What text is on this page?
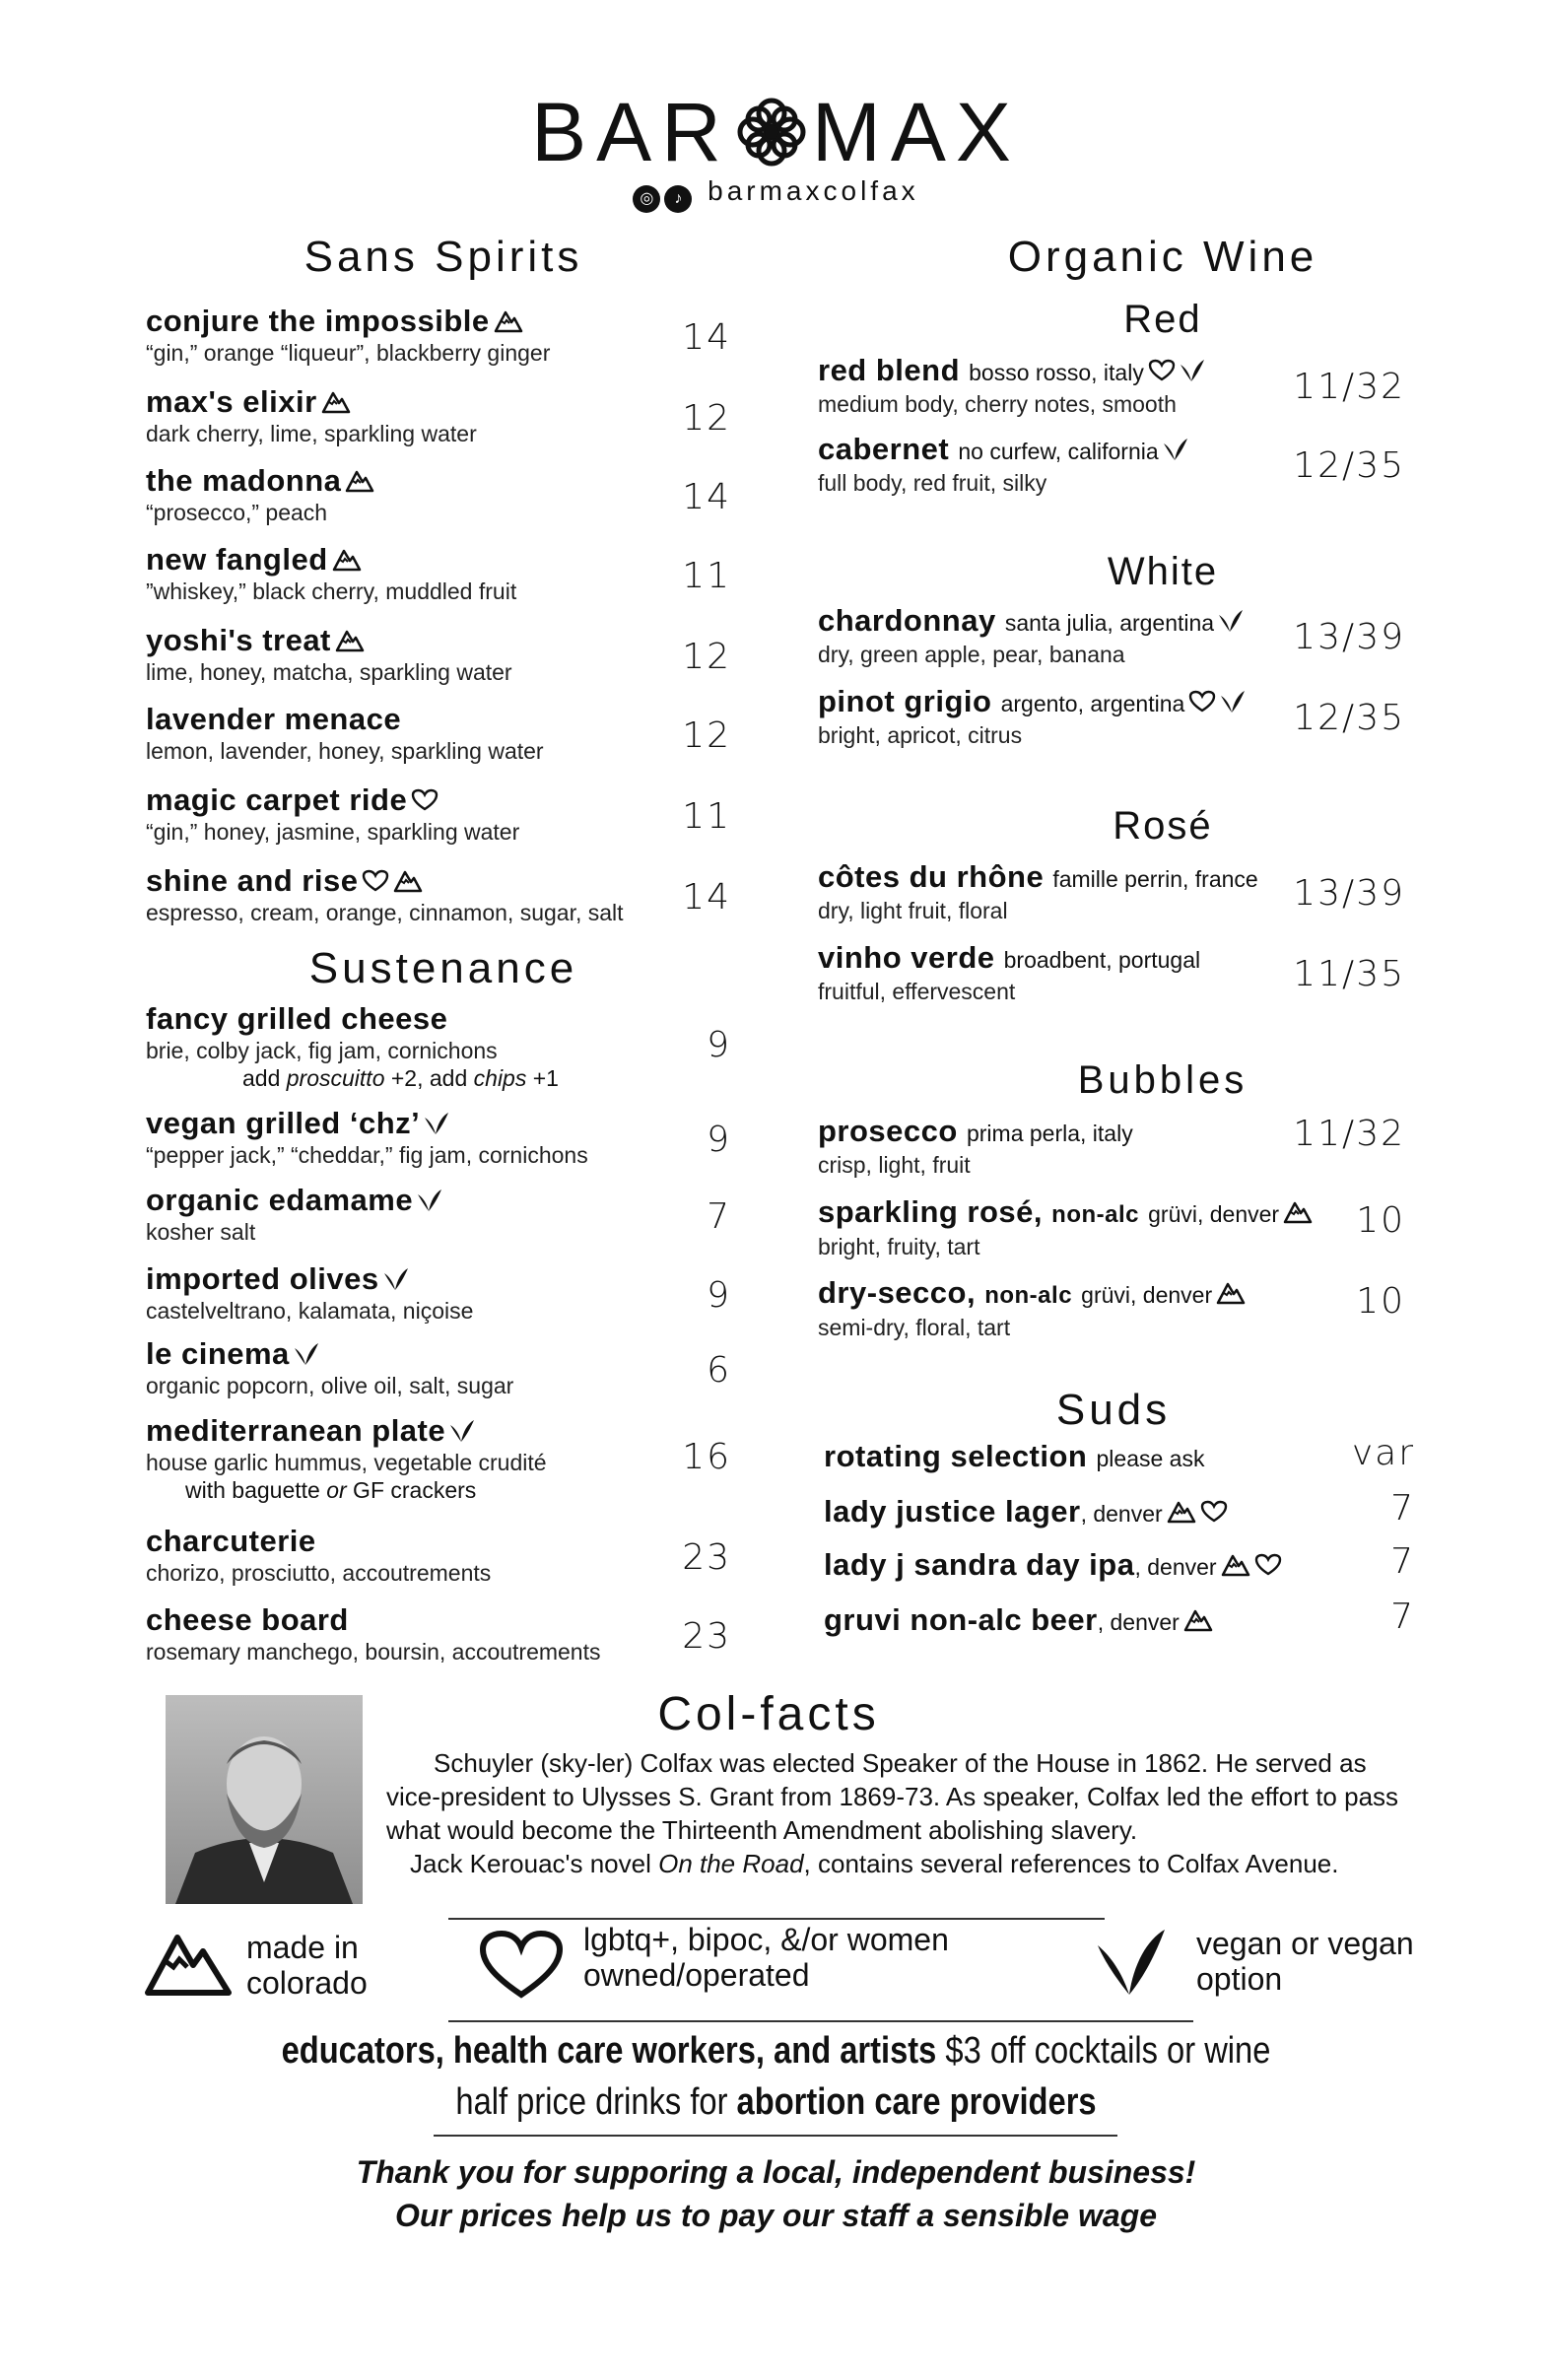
BAR MAX
◎ ♪ barmaxcolfax
Sans Spirits
conjure the impossible
“gin,” orange “liqueur”, blackberry ginger	14
max's elixir
dark cherry, lime, sparkling water	12
the madonna
“prosecco,” peach	14
new fangled
”whiskey,” black cherry, muddled fruit	11
yoshi's treat
lime, honey, matcha, sparkling water	12
lavender menace
lemon, lavender, honey, sparkling water	12
magic carpet ride
“gin,” honey, jasmine, sparkling water	11
shine and rise
espresso, cream, orange, cinnamon, sugar, salt 14
Sustenance
fancy grilled cheese
brie, colby jack, fig jam, cornichons
add proscuitto +2, add chips +1
9
vegan grilled ‘chz’
“pepper jack,” “cheddar,” fig jam, cornichons	9
organic edamame
kosher salt	7
imported olives
castelveltrano, kalamata, niçoise	9
le cinema
organic popcorn, olive oil, salt, sugar	6
mediterranean plate
house garlic hummus, vegetable crudité
with baguette or GF crackers
16
charcuterie
chorizo, prosciutto, accoutrements	23
cheese board
rosemary manchego, boursin, accoutrements 23
Organic Wine
Red
White
Rosé
Bubbles
red blend bosso rosso, italy
medium body, cherry notes, smooth	11/32
cabernet no curfew, california
full body, red fruit, silky	12/35
chardonnay santa julia, argentina
dry, green apple, pear, banana	13/39
pinot grigio argento, argentina
bright, apricot, citrus	12/35
côtes du rhône famille perrin, france
dry, light fruit, floral	13/39
vinho verde broadbent, portugal
fruitful, effervescent	11/35
prosecco prima perla, italy
crisp, light, fruit
11/32
sparkling rosé, non-alc grüvi, denver
bright, fruity, tart
10
dry-secco, non-alc grüvi, denver
semi-dry, floral, tart
10
Suds
rotating selection please ask	var
lady justice lager, denver	7
lady j sandra day ipa, denver	7
gruvi non-alc beer, denver	7
Col-facts
Schuyler (sky-ler) Colfax was elected Speaker of the House in 1862. He served as vice-president to Ulysses S. Grant from 1869-73. As speaker, Colfax led the effort to pass what would become the Thirteenth Amendment abolishing slavery.
Jack Kerouac's novel On the Road, contains several references to Colfax Avenue.
made in colorado
lgbtq+, bipoc, &/or women owned/operated
vegan or vegan option
educators, health care workers, and artists $3 off cocktails or wine
half price drinks for abortion care providers
Thank you for supporing a local, independent business!
Our prices help us to pay our staff a sensible wage
